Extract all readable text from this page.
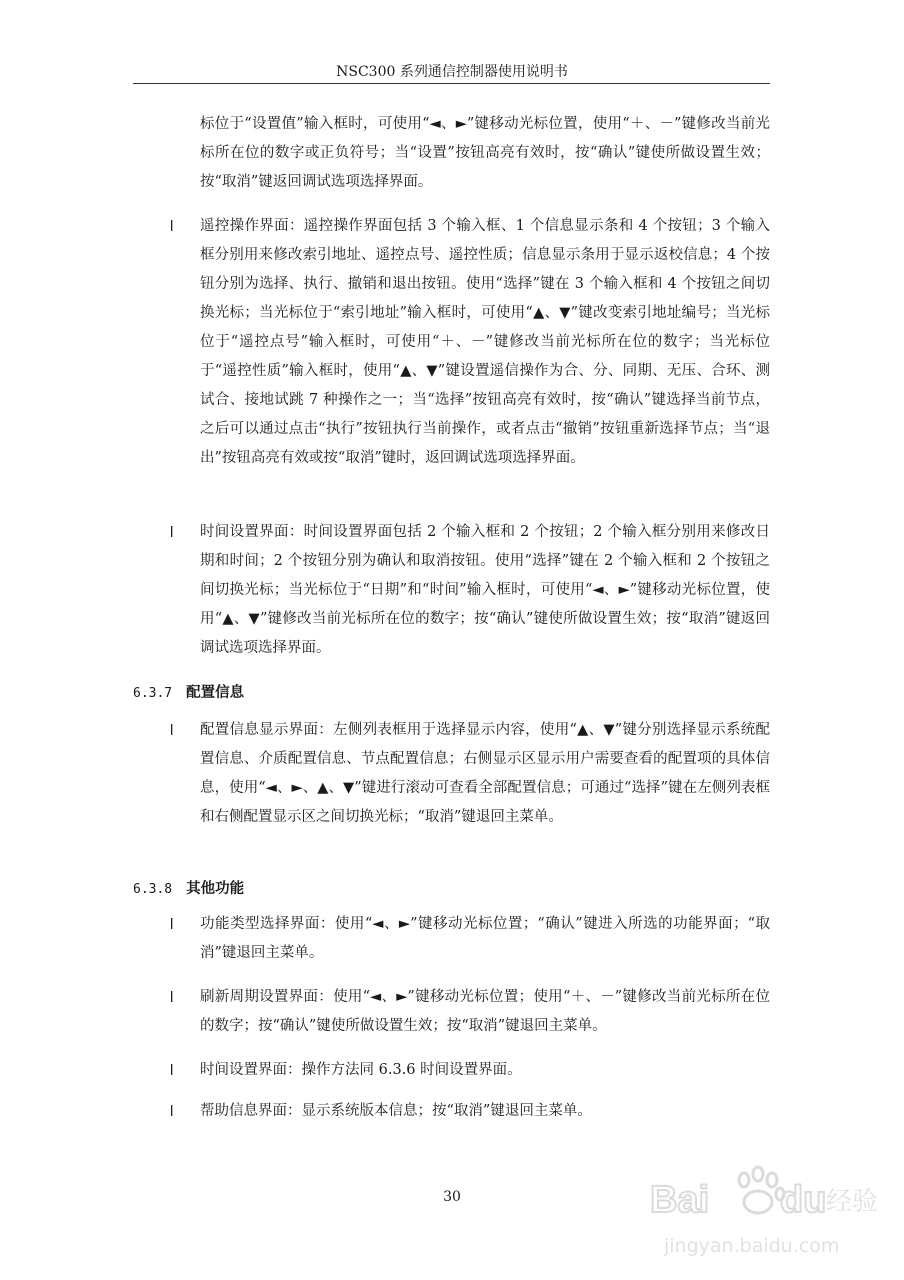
NSC300 系列通信控制器使用说明书

标位于“设置值”输入框时，可使用“◄、►”键移动光标位置，使用“＋、－”键修改当前光标所在位的数字或正负符号；当“设置”按钮高亮有效时，按“确认”键使所做设置生效；按“取消”键返回调试选项选择界面。

l 遥控操作界面：遥控操作界面包括 3 个输入框、1 个信息显示条和 4 个按钮；3 个输入框分别用来修改索引地址、遥控点号、遥控性质；信息显示条用于显示返校信息；4 个按钮分别为选择、执行、撤销和退出按钮。使用“选择”键在 3 个输入框和 4 个按钮之间切换光标；当光标位于“索引地址”输入框时，可使用“▲、▼”键改变索引地址编号；当光标位于“遥控点号”输入框时，可使用“＋、－”键修改当前光标所在位的数字；当光标位于“遥控性质”输入框时，使用“▲、▼”键设置遥信操作为合、分、同期、无压、合环、测试合、接地试跳 7 种操作之一；当“选择”按钮高亮有效时，按“确认”键选择当前节点，之后可以通过点击“执行”按钮执行当前操作，或者点击“撤销”按钮重新选择节点；当“退出”按钮高亮有效或按“取消”键时，返回调试选项选择界面。

l 时间设置界面：时间设置界面包括 2 个输入框和 2 个按钮；2 个输入框分别用来修改日期和时间；2 个按钮分别为确认和取消按钮。使用“选择”键在 2 个输入框和 2 个按钮之间切换光标；当光标位于“日期”和“时间”输入框时，可使用“◄、►”键移动光标位置，使用“▲、▼”键修改当前光标所在位的数字；按“确认”键使所做设置生效；按“取消”键返回调试选项选择界面。

6.3.7 配置信息
l 配置信息显示界面：左侧列表框用于选择显示内容，使用“▲、▼”键分别选择显示系统配置信息、介质配置信息、节点配置信息；右侧显示区显示用户需要查看的配置项的具体信息，使用“◄、►、▲、▼”键进行滚动可查看全部配置信息；可通过“选择”键在左侧列表框和右侧配置显示区之间切换光标；“取消”键退回主菜单。

6.3.8 其他功能
l 功能类型选择界面：使用“◄、►”键移动光标位置；“确认”键进入所选的功能界面；“取消”键退回主菜单。

l 刷新周期设置界面：使用“◄、►”键移动光标位置；使用“＋、－”键修改当前光标所在位的数字；按“确认”键使所做设置生效；按“取消”键退回主菜单。

l 时间设置界面：操作方法同 6.3.6 时间设置界面。

l 帮助信息界面：显示系统版本信息；按“取消”键退回主菜单。

30	Bai du 经验
jingyan.baidu.com
